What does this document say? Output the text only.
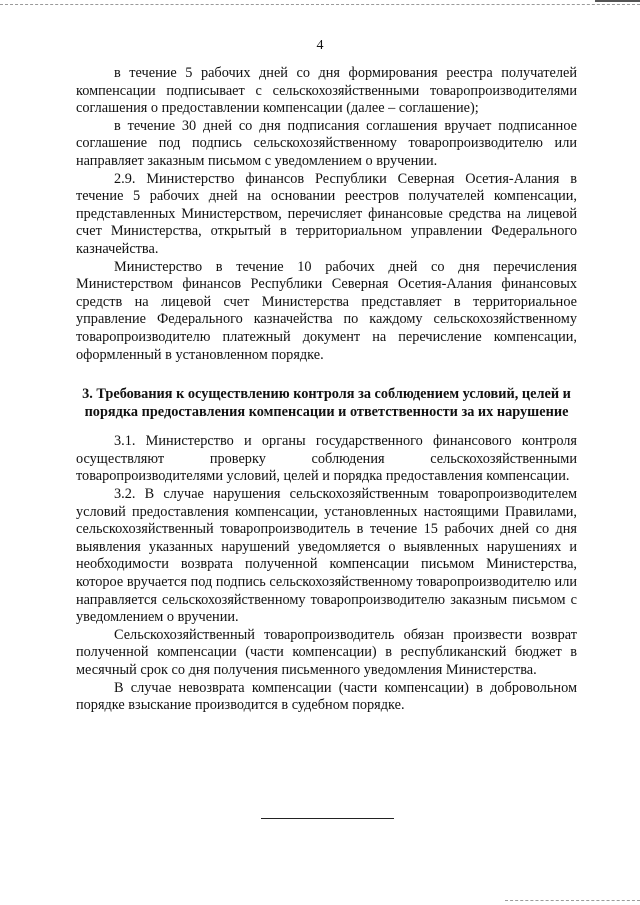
4

в течение 5 рабочих дней со дня формирования реестра получателей компенсации подписывает с сельскохозяйственными товаропроизводителями соглашения о предоставлении компенсации (далее – соглашение);

в течение 30 дней со дня подписания соглашения вручает подписанное соглашение под подпись сельскохозяйственному товаропроизводителю или направляет заказным письмом с уведомлением о вручении.

2.9. Министерство финансов Республики Северная Осетия-Алания в течение 5 рабочих дней на основании реестров получателей компенсации, представленных Министерством, перечисляет финансовые средства на лицевой счет Министерства, открытый в территориальном управлении Федерального казначейства.

Министерство в течение 10 рабочих дней со дня перечисления Министерством финансов Республики Северная Осетия-Алания финансовых средств на лицевой счет Министерства представляет в территориальное управление Федерального казначейства по каждому сельскохозяйственному товаропроизводителю платежный документ на перечисление компенсации, оформленный в установленном порядке.

3. Требования к осуществлению контроля за соблюдением условий, целей и порядка предоставления компенсации и ответственности за их нарушение

3.1. Министерство и органы государственного финансового контроля осуществляют проверку соблюдения сельскохозяйственными товаропроизводителями условий, целей и порядка предоставления компенсации.

3.2. В случае нарушения сельскохозяйственным товаропроизводителем условий предоставления компенсации, установленных настоящими Правилами, сельскохозяйственный товаропроизводитель в течение 15 рабочих дней со дня выявления указанных нарушений уведомляется о выявленных нарушениях и необходимости возврата полученной компенсации письмом Министерства, которое вручается под подпись сельскохозяйственному товаропроизводителю или направляется сельскохозяйственному товаропроизводителю заказным письмом с уведомлением о вручении.

Сельскохозяйственный товаропроизводитель обязан произвести возврат полученной компенсации (части компенсации) в республиканский бюджет в месячный срок со дня получения письменного уведомления Министерства.

В случае невозврата компенсации (части компенсации) в добровольном порядке взыскание производится в судебном порядке.
